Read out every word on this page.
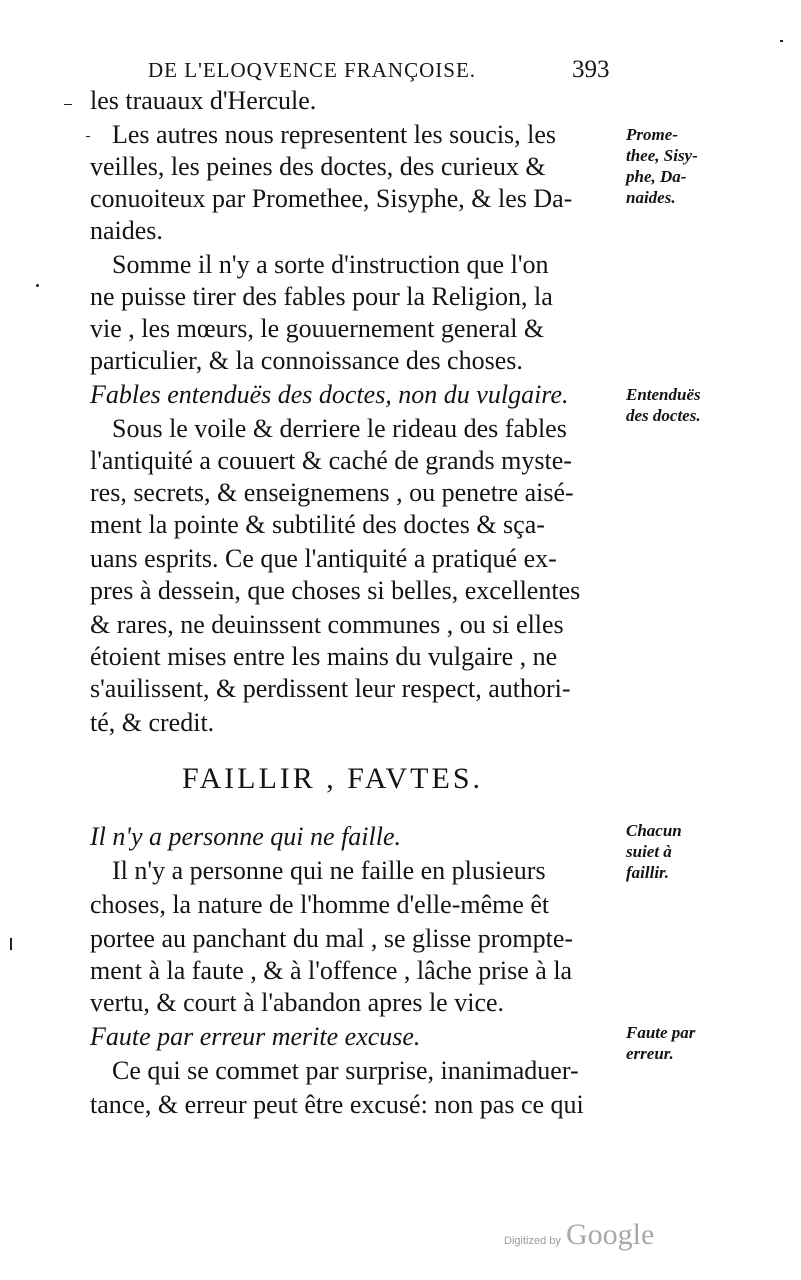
DE L'ELOQVENCE FRANÇOISE.	393
les trauaux d'Hercule.
Les autres nous representent les soucis, les
veilles, les peines des doctes, des curieux &
conuoiteux par Promethee, Sisyphe, & les Da-
naides.
Somme il n'y a sorte d'instruction que l'on
ne puisse tirer des fables pour la Religion, la
vie , les mœurs, le gouuernement general &
particulier, & la connoissance des choses.
Fables entenduës des doctes, non du vulgaire.
Sous le voile & derriere le rideau des fables
l'antiquité a couuert & caché de grands myste-
res, secrets, & enseignemens , ou penetre aisé-
ment la pointe & subtilité des doctes & sça-
uans esprits. Ce que l'antiquité a pratiqué ex-
pres à dessein, que choses si belles, excellentes
& rares, ne deuinssent communes , ou si elles
étoient mises entre les mains du vulgaire , ne
s'auilissent, & perdissent leur respect, authori-
té, & credit.
FAILLIR , FAVTES.
Il n'y a personne qui ne faille.
Il n'y a personne qui ne faille en plusieurs
choses, la nature de l'homme d'elle-même êt
portee au panchant du mal , se glisse prompte-
ment à la faute , & à l'offence , lâche prise à la
vertu, & court à l'abandon apres le vice.
Faute par erreur merite excuse.
Ce qui se commet par surprise, inanimaduer-
tance, & erreur peut être excusé: non pas ce qui
Prome-
thee, Sisy-
phe, Da-
naides.
Entenduës
des doctes.
Chacun
suiet à
faillir.
Faute par
erreur.
Digitized by Google
